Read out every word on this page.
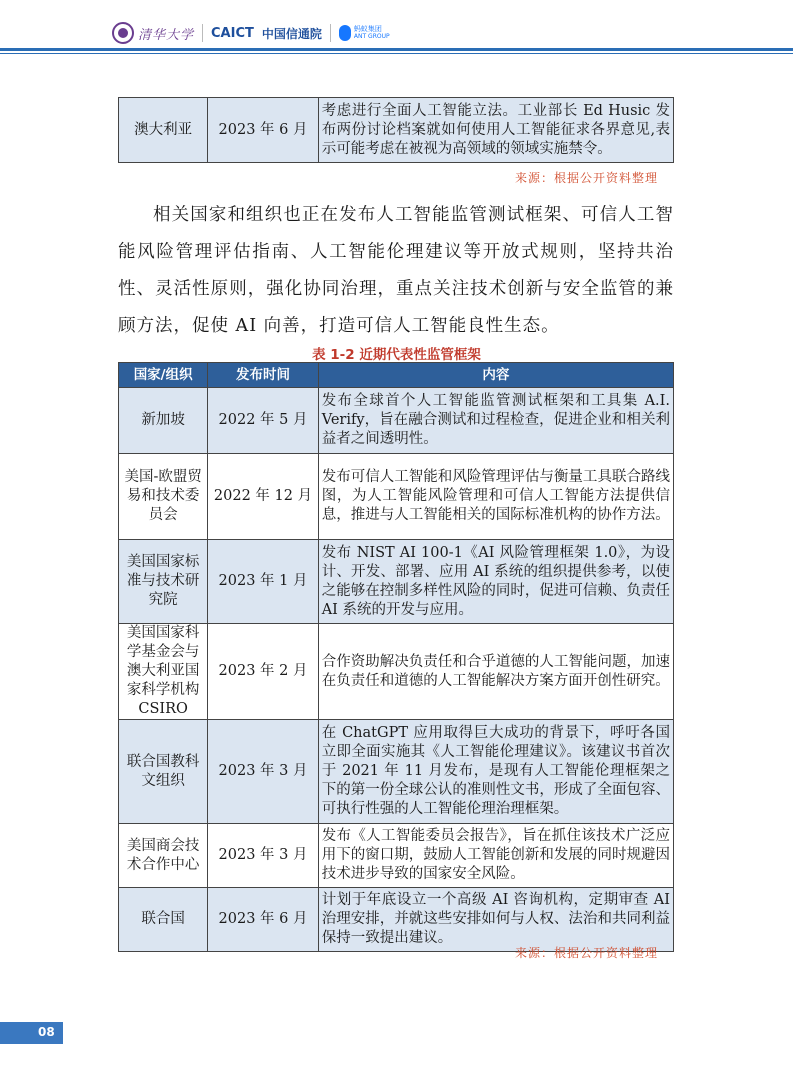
清华大学 CAICT 中国信通院	蚂蚁集团
ANT GROUP
澳大利亚	2023 年 6 月	考虑进行全面人工智能立法。工业部长 Ed Husic 发布两份讨论档案就如何使用人工智能征求各界意见,表示可能考虑在被视为高领域的领域实施禁令。
来源：根据公开资料整理
相关国家和组织也正在发布人工智能监管测试框架、可信人工智能风险管理评估指南、人工智能伦理建议等开放式规则，坚持共治性、灵活性原则，强化协同治理，重点关注技术创新与安全监管的兼顾方法，促使 AI 向善，打造可信人工智能良性生态。
表 1-2 近期代表性监管框架
国家/组织	发布时间	内容
新加坡	2022 年 5 月	发布全球首个人工智能监管测试框架和工具集 A.I. Verify，旨在融合测试和过程检查，促进企业和相关利益者之间透明性。
美国-欧盟贸易和技术委员会	2022 年 12 月	发布可信人工智能和风险管理评估与衡量工具联合路线图，为人工智能风险管理和可信人工智能方法提供信息，推进与人工智能相关的国际标准机构的协作方法。
美国国家标准与技术研究院	2023 年 1 月	发布 NIST AI 100-1《AI 风险管理框架 1.0》，为设计、开发、部署、应用 AI 系统的组织提供参考，以使之能够在控制多样性风险的同时，促进可信赖、负责任 AI 系统的开发与应用。
美国国家科学基金会与澳大利亚国家科学机构 CSIRO	2023 年 2 月	合作资助解决负责任和合乎道德的人工智能问题，加速在负责任和道德的人工智能解决方案方面开创性研究。
联合国教科文组织	2023 年 3 月	在 ChatGPT 应用取得巨大成功的背景下，呼吁各国立即全面实施其《人工智能伦理建议》。该建议书首次于 2021 年 11 月发布，是现有人工智能伦理框架之下的第一份全球公认的准则性文书，形成了全面包容、可执行性强的人工智能伦理治理框架。
美国商会技术合作中心	2023 年 3 月	发布《人工智能委员会报告》，旨在抓住该技术广泛应用下的窗口期，鼓励人工智能创新和发展的同时规避因技术进步导致的国家安全风险。
联合国	2023 年 6 月	计划于年底设立一个高级 AI 咨询机构，定期审查 AI 治理安排，并就这些安排如何与人权、法治和共同利益保持一致提出建议。
来源：根据公开资料整理
08
